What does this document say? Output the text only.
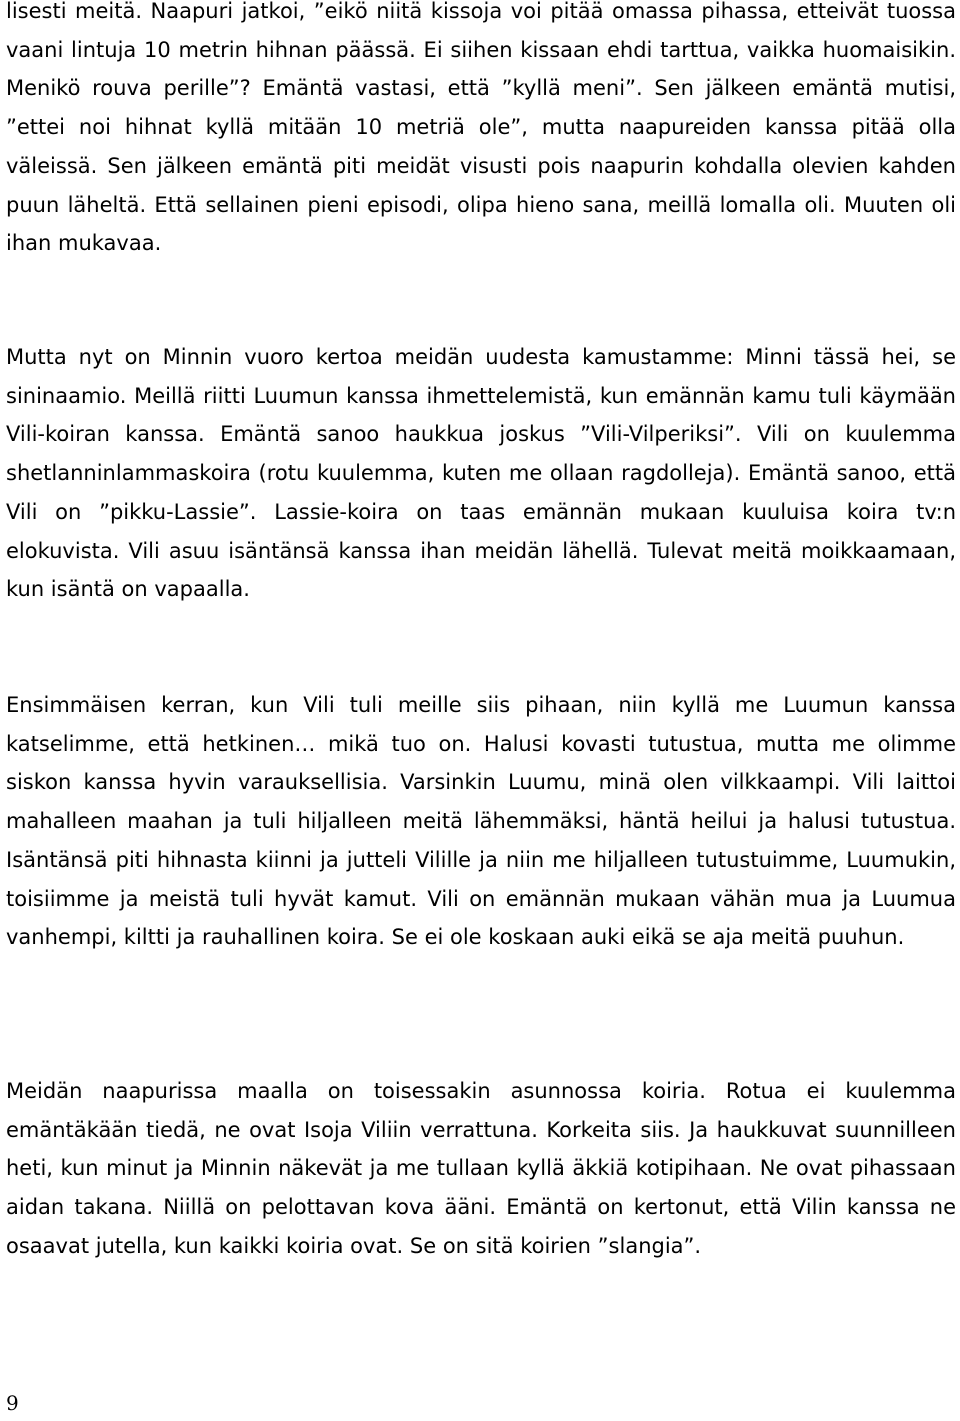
lisesti meitä. Naapuri jatkoi, ”eikö niitä kissoja voi pitää omassa pihassa, etteivät tuossa vaani lintuja 10 metrin hihnan päässä. Ei siihen kissaan ehdi tarttua, vaikka huomaisikin. Menikö rouva perille”? Emäntä vastasi, että ”kyllä meni”. Sen jälkeen emäntä mutisi, ”ettei noi hihnat kyllä mitään 10 metriä ole”, mutta naapureiden kanssa pitää olla väleissä. Sen jälkeen emäntä piti meidät visusti pois naapurin kohdalla olevien kahden puun läheltä. Että sellainen pieni episodi, olipa hieno sana, meillä lomalla oli. Muuten oli ihan mukavaa.

Mutta nyt on Minnin vuoro kertoa meidän uudesta kamustamme: Minni tässä hei, se sininaamio. Meillä riitti Luumun kanssa ihmettelemistä, kun emännän kamu tuli käymään Vili-koiran kanssa. Emäntä sanoo haukkua joskus ”Vili-Vilperiksi”. Vili on kuulemma shetlanninlammaskoira (rotu kuulemma, kuten me ollaan ragdolleja). Emäntä sanoo, että Vili on ”pikku-Lassie”. Lassie-koira on taas emännän mukaan kuuluisa koira tv:n elokuvista. Vili asuu isäntänsä kanssa ihan meidän lähellä. Tulevat meitä moikkaamaan, kun isäntä on vapaalla.

Ensimmäisen kerran, kun Vili tuli meille siis pihaan, niin kyllä me Luumun kanssa katselimme, että hetkinen… mikä tuo on. Halusi kovasti tutustua, mutta me olimme siskon kanssa hyvin varauksellisia. Varsinkin Luumu, minä olen vilkkaampi. Vili laittoi mahalleen maahan ja tuli hiljalleen meitä lähemmäksi, häntä heilui ja halusi tutustua. Isäntänsä piti hihnasta kiinni ja jutteli Vilille ja niin me hiljalleen tutustuimme, Luumukin, toisiimme ja meistä tuli hyvät kamut. Vili on emännän mukaan vähän mua ja Luumua vanhempi, kiltti ja rauhallinen koira. Se ei ole koskaan auki eikä se aja meitä puuhun.

Meidän naapurissa maalla on toisessakin asunnossa koiria. Rotua ei kuulemma emäntäkään tiedä, ne ovat Isoja Viliin verrattuna. Korkeita siis. Ja haukkuvat suunnilleen heti, kun minut ja Minnin näkevät ja me tullaan kyllä äkkiä kotipihaan. Ne ovat pihassaan aidan takana. Niillä on pelottavan kova ääni. Emäntä on kertonut, että Vilin kanssa ne osaavat jutella, kun kaikki koiria ovat. Se on sitä koirien ”slangia”.

9
